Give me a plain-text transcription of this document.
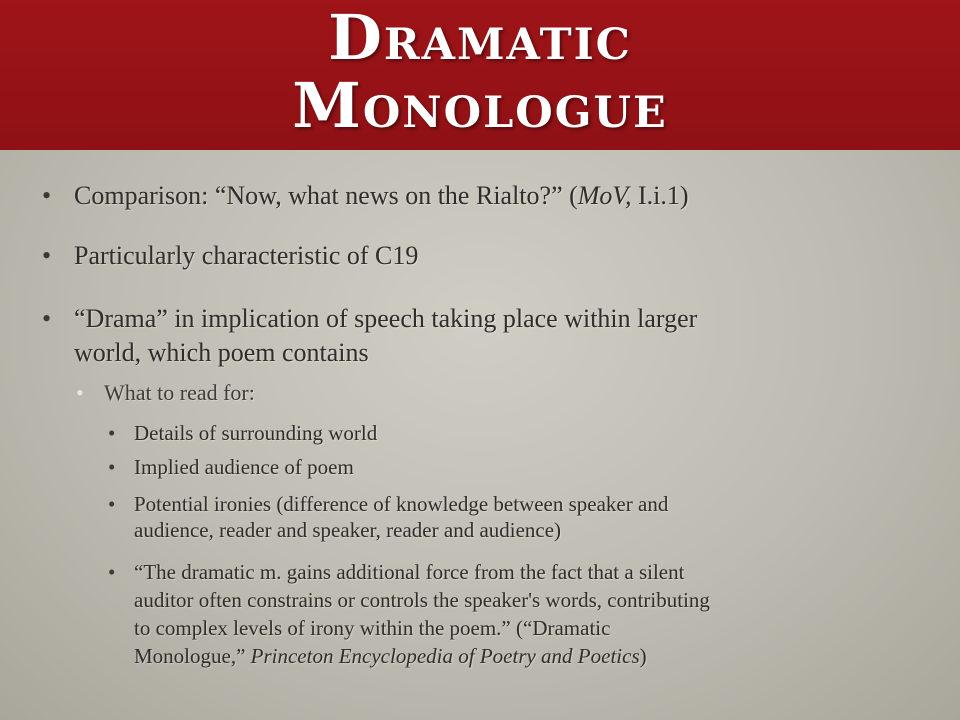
Dramatic
Monologue
• Comparison: “Now, what news on the Rialto?” (MoV, I.i.1)
• Particularly characteristic of C19
• “Drama” in implication of speech taking place within larger
world, which poem contains
• What to read for:
• Details of surrounding world
• Implied audience of poem
• Potential ironies (difference of knowledge between speaker and
audience, reader and speaker, reader and audience)
• “The dramatic m. gains additional force from the fact that a silent
auditor often constrains or controls the speaker's words, contributing
to complex levels of irony within the poem.” (“Dramatic
Monologue,” Princeton Encyclopedia of Poetry and Poetics)
